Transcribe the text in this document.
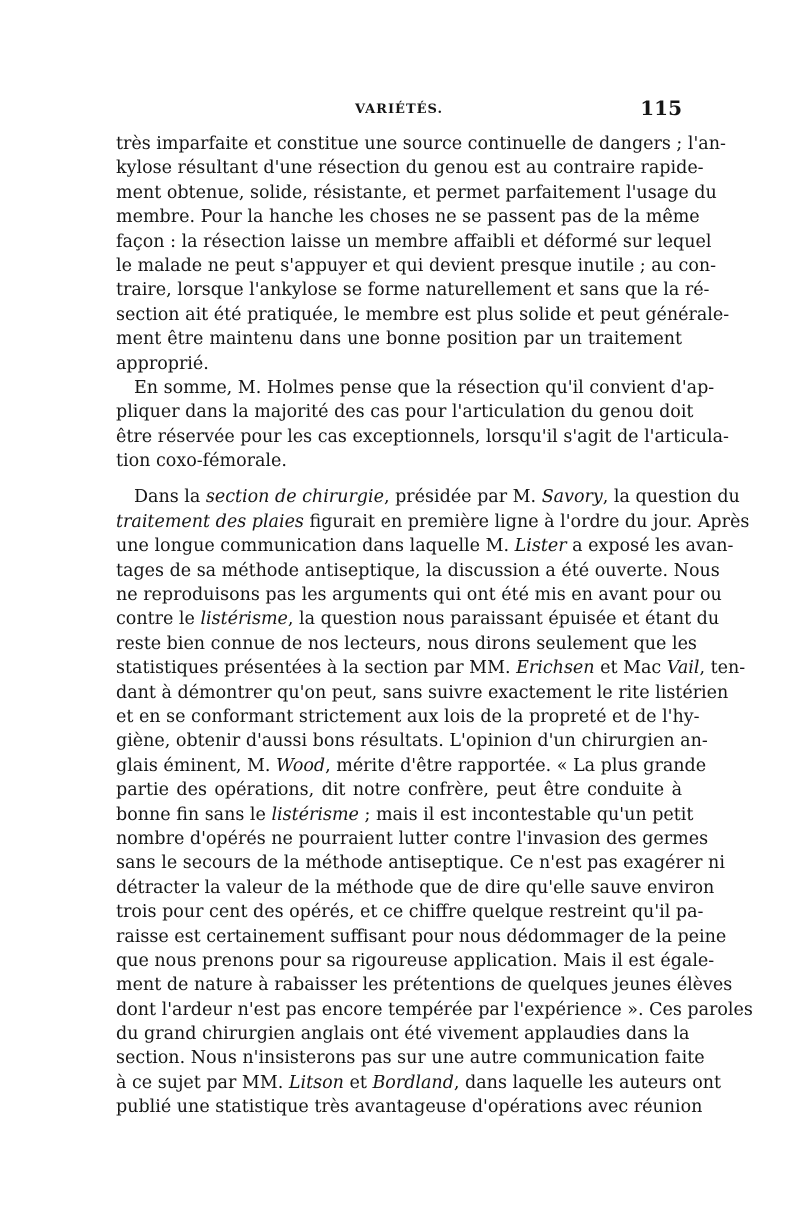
VARIÉTÉS.	115
très imparfaite et constitue une source continuelle de dangers ; l'an-
kylose résultant d'une résection du genou est au contraire rapide-
ment obtenue, solide, résistante, et permet parfaitement l'usage du
membre. Pour la hanche les choses ne se passent pas de la même
façon : la résection laisse un membre affaibli et déformé sur lequel
le malade ne peut s'appuyer et qui devient presque inutile ; au con-
traire, lorsque l'ankylose se forme naturellement et sans que la ré-
section ait été pratiquée, le membre est plus solide et peut générale-
ment être maintenu dans une bonne position par un traitement
approprié.
En somme, M. Holmes pense que la résection qu'il convient d'ap-
pliquer dans la majorité des cas pour l'articulation du genou doit
être réservée pour les cas exceptionnels, lorsqu'il s'agit de l'articula-
tion coxo-fémorale.
Dans la section de chirurgie, présidée par M. Savory, la question du
traitement des plaies figurait en première ligne à l'ordre du jour. Après
une longue communication dans laquelle M. Lister a exposé les avan-
tages de sa méthode antiseptique, la discussion a été ouverte. Nous
ne reproduisons pas les arguments qui ont été mis en avant pour ou
contre le listérisme, la question nous paraissant épuisée et étant du
reste bien connue de nos lecteurs, nous dirons seulement que les
statistiques présentées à la section par MM. Erichsen et Mac Vail, ten-
dant à démontrer qu'on peut, sans suivre exactement le rite listérien
et en se conformant strictement aux lois de la propreté et de l'hy-
giène, obtenir d'aussi bons résultats. L'opinion d'un chirurgien an-
glais éminent, M. Wood, mérite d'être rapportée. « La plus grande
partie des opérations, dit notre confrère, peut être conduite à
bonne fin sans le listérisme ; mais il est incontestable qu'un petit
nombre d'opérés ne pourraient lutter contre l'invasion des germes
sans le secours de la méthode antiseptique. Ce n'est pas exagérer ni
détracter la valeur de la méthode que de dire qu'elle sauve environ
trois pour cent des opérés, et ce chiffre quelque restreint qu'il pa-
raisse est certainement suffisant pour nous dédommager de la peine
que nous prenons pour sa rigoureuse application. Mais il est égale-
ment de nature à rabaisser les prétentions de quelques jeunes élèves
dont l'ardeur n'est pas encore tempérée par l'expérience ». Ces paroles
du grand chirurgien anglais ont été vivement applaudies dans la
section. Nous n'insisterons pas sur une autre communication faite
à ce sujet par MM. Litson et Bordland, dans laquelle les auteurs ont
publié une statistique très avantageuse d'opérations avec réunion
